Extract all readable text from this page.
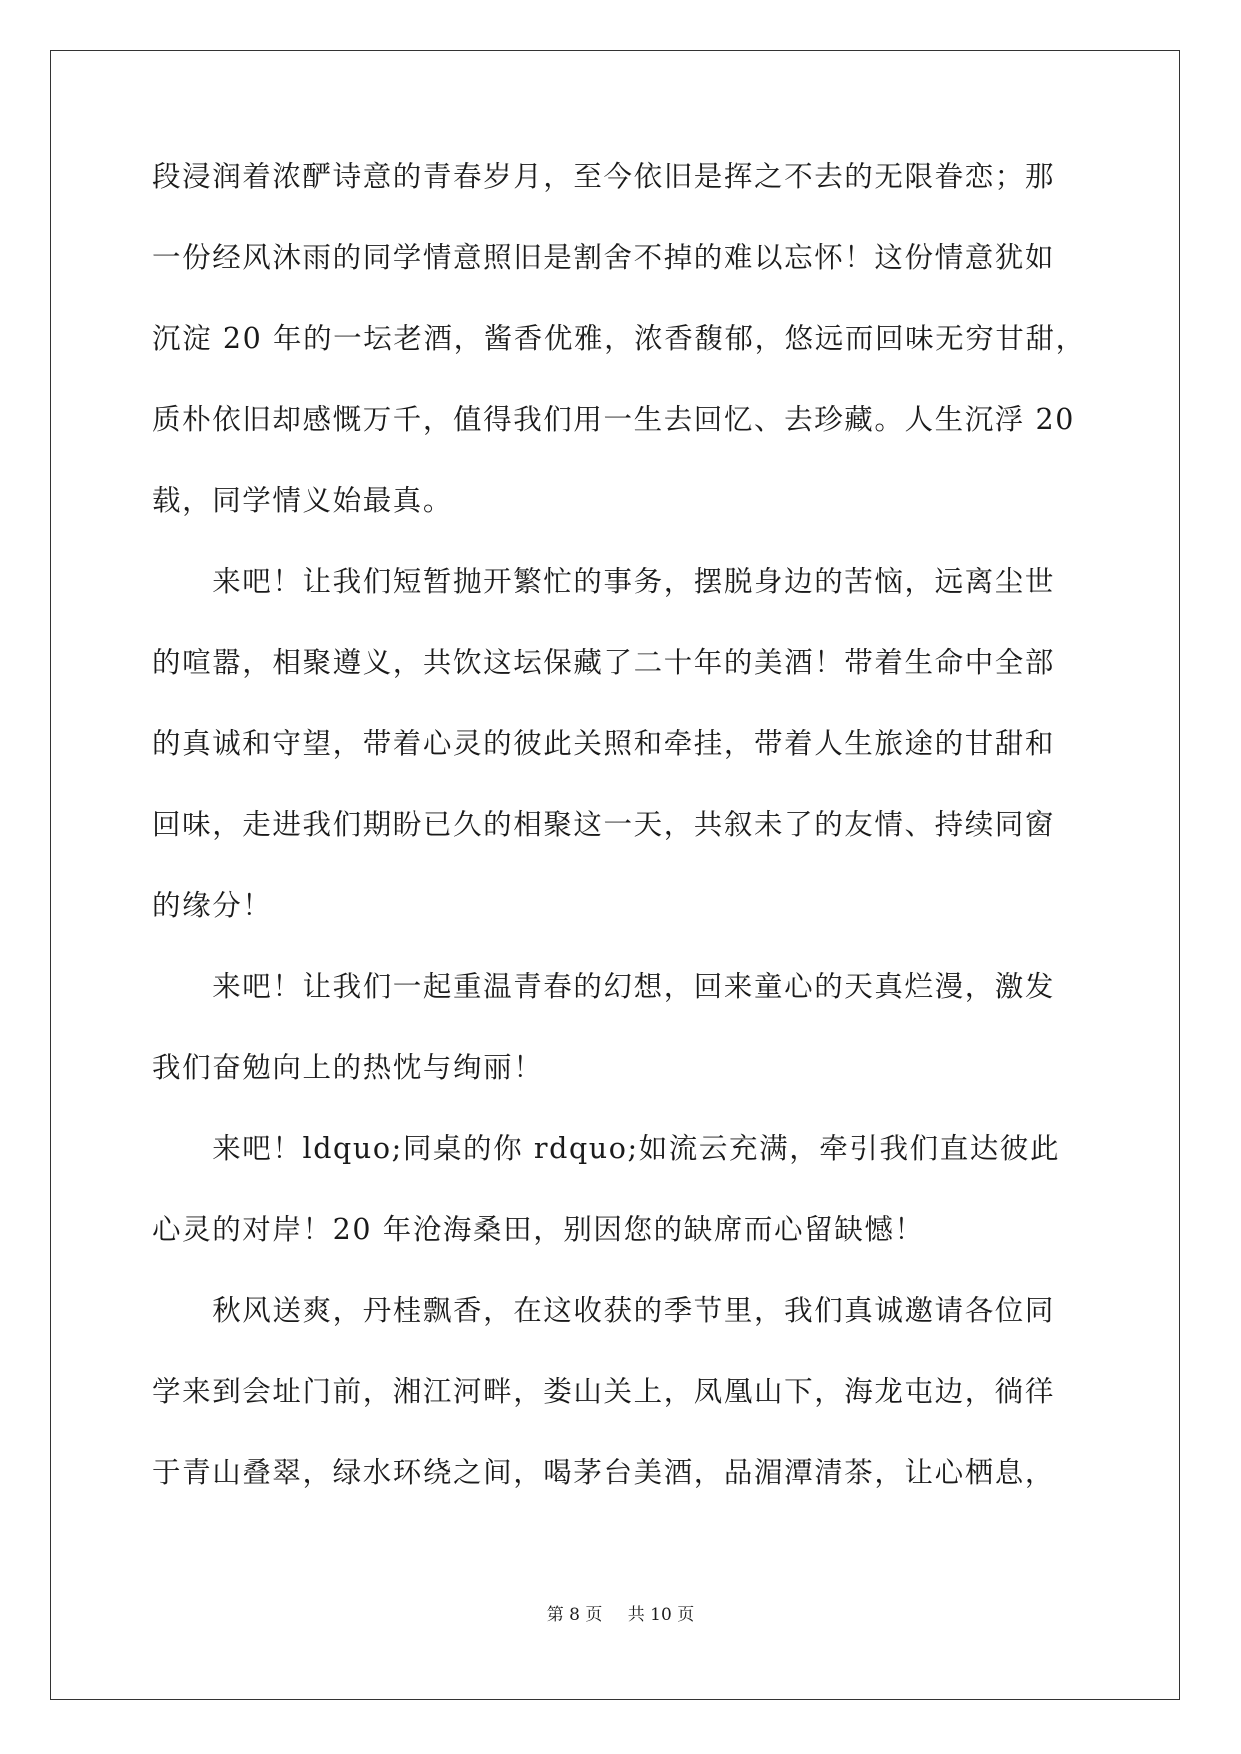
段浸润着浓酽诗意的青春岁月，至今依旧是挥之不去的无限眷恋；那
一份经风沐雨的同学情意照旧是割舍不掉的难以忘怀！这份情意犹如
沉淀 20 年的一坛老酒，酱香优雅，浓香馥郁，悠远而回味无穷甘甜，
质朴依旧却感慨万千，值得我们用一生去回忆、去珍藏。人生沉浮 20
载，同学情义始最真。
　　来吧！让我们短暂抛开繁忙的事务，摆脱身边的苦恼，远离尘世
的喧嚣，相聚遵义，共饮这坛保藏了二十年的美酒！带着生命中全部
的真诚和守望，带着心灵的彼此关照和牵挂，带着人生旅途的甘甜和
回味，走进我们期盼已久的相聚这一天，共叙未了的友情、持续同窗
的缘分！
　　来吧！让我们一起重温青春的幻想，回来童心的天真烂漫，激发
我们奋勉向上的热忱与绚丽！
　　来吧！ldquo;同桌的你 rdquo;如流云充满，牵引我们直达彼此
心灵的对岸！20 年沧海桑田，别因您的缺席而心留缺憾！
　　秋风送爽，丹桂飘香，在这收获的季节里，我们真诚邀请各位同
学来到会址门前，湘江河畔，娄山关上，凤凰山下，海龙屯边，徜徉
于青山叠翠，绿水环绕之间，喝茅台美酒，品湄潭清茶，让心栖息，
第 8 页 共 10 页
